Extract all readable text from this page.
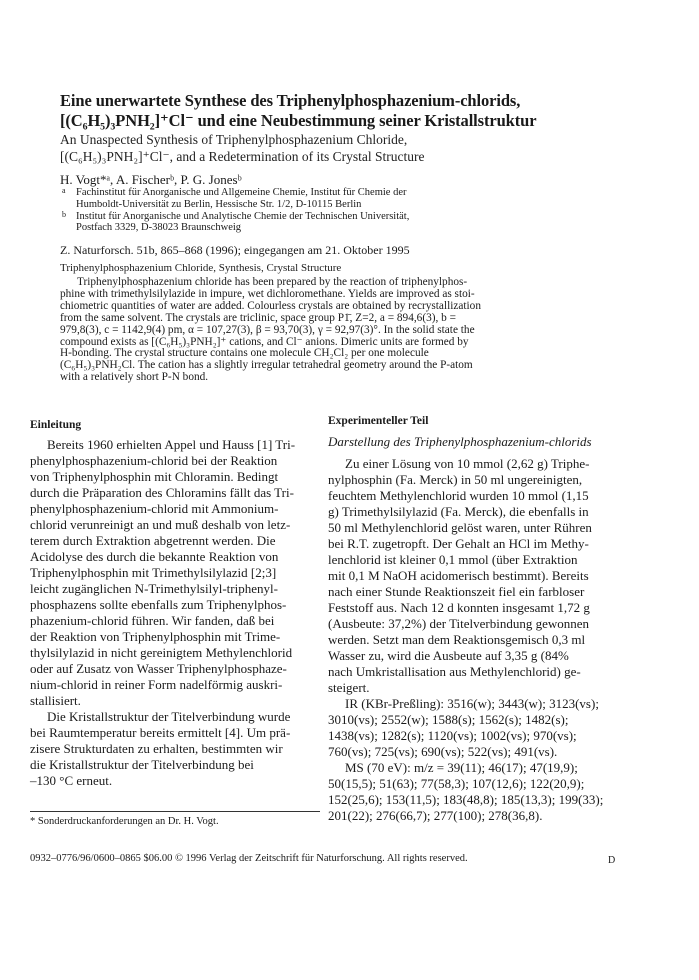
Eine unerwartete Synthese des Triphenylphosphazenium-chlorids,
[(C₆H₅)₃PNH₂]⁺Cl⁻ und eine Neubestimmung seiner Kristallstruktur
An Unaspected Synthesis of Triphenylphosphazenium Chloride,
[(C₆H₅)₃PNH₂]⁺Cl⁻, and a Redetermination of its Crystal Structure
H. Vogt*ᵃ, A. Fischerᵇ, P. G. Jonesᵇ
a Fachinstitut für Anorganische und Allgemeine Chemie, Institut für Chemie der
Humboldt-Universität zu Berlin, Hessische Str. 1/2, D-10115 Berlin
b Institut für Anorganische und Analytische Chemie der Technischen Universität,
Postfach 3329, D-38023 Braunschweig
Z. Naturforsch. 51b, 865–868 (1996); eingegangen am 21. Oktober 1995
Triphenylphosphazenium Chloride, Synthesis, Crystal Structure
Triphenylphosphazenium chloride has been prepared by the reaction of triphenylphos-
phine with trimethylsilylazide in impure, wet dichloromethane. Yields are improved as stoi-
chiometric quantities of water are added. Colourless crystals are obtained by recrystallization
from the same solvent. The crystals are triclinic, space group P1̄, Z=2, a = 894,6(3), b =
979,8(3), c = 1142,9(4) pm, α = 107,27(3), β = 93,70(3), γ = 92,97(3)°. In the solid state the
compound exists as [(C₆H₅)₃PNH₂]⁺ cations, and Cl⁻ anions. Dimeric units are formed by
H-bonding. The crystal structure contains one molecule CH₂Cl₂ per one molecule
(C₆H₅)₃PNH₂Cl. The cation has a slightly irregular tetrahedral geometry around the P-atom
with a relatively short P-N bond.
Einleitung
Bereits 1960 erhielten Appel und Hauss [1] Tri-
phenylphosphazenium-chlorid bei der Reaktion
von Triphenylphosphin mit Chloramin. Bedingt
durch die Präparation des Chloramins fällt das Tri-
phenylphosphazenium-chlorid mit Ammonium-
chlorid verunreinigt an und muß deshalb von letz-
terem durch Extraktion abgetrennt werden. Die
Acidolyse des durch die bekannte Reaktion von
Triphenylphosphin mit Trimethylsilylazid [2;3]
leicht zugänglichen N-Trimethylsilyl-triphenyl-
phosphazens sollte ebenfalls zum Triphenylphos-
phazenium-chlorid führen. Wir fanden, daß bei
der Reaktion von Triphenylphosphin mit Trime-
thylsilylazid in nicht gereinigtem Methylenchlorid
oder auf Zusatz von Wasser Triphenylphosphaze-
nium-chlorid in reiner Form nadelförmig auskri-
stallisiert.
Die Kristallstruktur der Titelverbindung wurde
bei Raumtemperatur bereits ermittelt [4]. Um prä-
zisere Strukturdaten zu erhalten, bestimmten wir
die Kristallstruktur der Titelverbindung bei
–130 °C erneut.
Experimenteller Teil
Darstellung des Triphenylphosphazenium-chlorids
Zu einer Lösung von 10 mmol (2,62 g) Triphe-
nylphosphin (Fa. Merck) in 50 ml ungereinigten,
feuchtem Methylenchlorid wurden 10 mmol (1,15
g) Trimethylsilylazid (Fa. Merck), die ebenfalls in
50 ml Methylenchlorid gelöst waren, unter Rühren
bei R.T. zugetropft. Der Gehalt an HCl im Methy-
lenchlorid ist kleiner 0,1 mmol (über Extraktion
mit 0,1 M NaOH acidomerisch bestimmt). Bereits
nach einer Stunde Reaktionszeit fiel ein farbloser
Feststoff aus. Nach 12 d konnten insgesamt 1,72 g
(Ausbeute: 37,2%) der Titelverbindung gewonnen
werden. Setzt man dem Reaktionsgemisch 0,3 ml
Wasser zu, wird die Ausbeute auf 3,35 g (84%
nach Umkristallisation aus Methylenchlorid) ge-
steigert.
IR (KBr-Preßling): 3516(w); 3443(w); 3123(vs);
3010(vs); 2552(w); 1588(s); 1562(s); 1482(s);
1438(vs); 1282(s); 1120(vs); 1002(vs); 970(vs);
760(vs); 725(vs); 690(vs); 522(vs); 491(vs).
MS (70 eV): m/z = 39(11); 46(17); 47(19,9);
50(15,5); 51(63); 77(58,3); 107(12,6); 122(20,9);
152(25,6); 153(11,5); 183(48,8); 185(13,3); 199(33);
201(22); 276(66,7); 277(100); 278(36,8).
* Sonderdruckanforderungen an Dr. H. Vogt.
0932–0776/96/0600–0865 $06.00 © 1996 Verlag der Zeitschrift für Naturforschung. All rights reserved.	D
